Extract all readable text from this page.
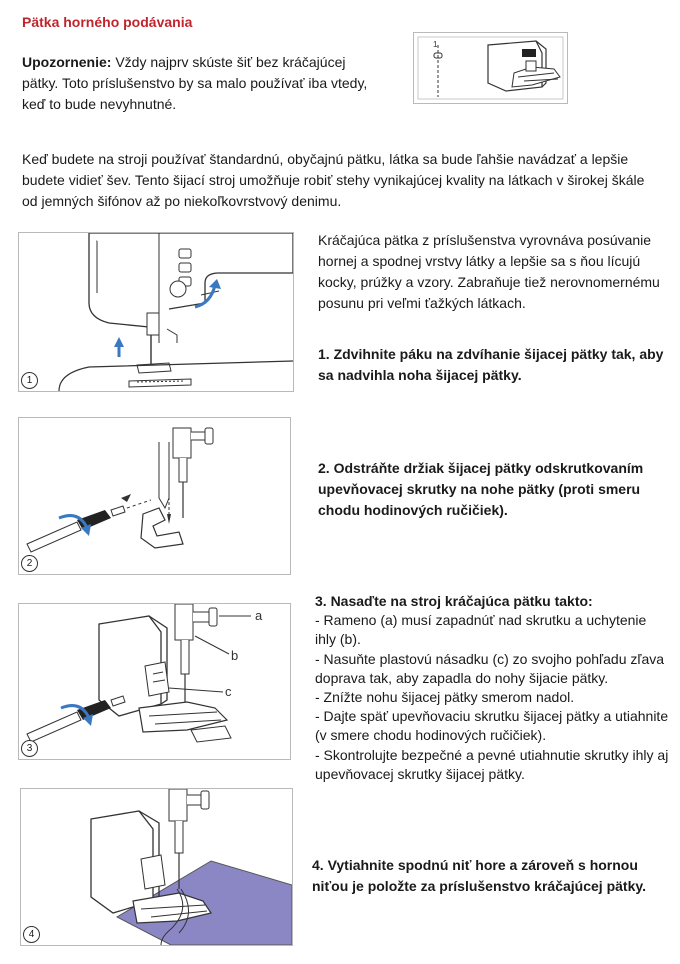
Pätka horného podávania
Upozornenie: Vždy najprv skúste šiť bez kráčajúcej pätky. Toto príslušenstvo by sa malo používať iba vtedy, keď to bude nevyhnutné.
1
Keď budete na stroji používať štandardnú, obyčajnú pätku, látka sa bude ľahšie navádzať a lepšie budete vidieť šev. Tento šijací stroj umožňuje robiť stehy vynikajúcej kvality na látkach v širokej škále od jemných šifónov až po niekoľkovrstvový denimu.
1
Kráčajúca pätka z príslušenstva vyrovnáva posúvanie hornej a spodnej vrstvy látky a lepšie sa s ňou lícujú kocky, prúžky a vzory. Zabraňuje tiež nerovnomernému posunu pri veľmi ťažkých látkach.
1. Zdvihnite páku na zdvíhanie šijacej pätky tak, aby sa nadvihla noha šijacej pätky.
2
2. Odstráňte držiak šijacej pätky odskrutkovaním upevňovacej skrutky na nohe pätky (proti smeru chodu hodinových ručičiek).
a
b
c
3
3. Nasaďte na stroj kráčajúca pätku takto:
- Rameno (a) musí zapadnúť nad skrutku a uchytenie ihly (b).
- Nasuňte plastovú násadku (c) zo svojho pohľadu zľava doprava tak, aby zapadla do nohy šijacie pätky.
- Znížte nohu šijacej pätky smerom nadol.
- Dajte späť upevňovaciu skrutku šijacej pätky a utiahnite (v smere chodu hodinových ručičiek).
- Skontrolujte bezpečné a pevné utiahnutie skrutky ihly aj upevňovacej skrutky šijacej pätky.
4
4. Vytiahnite spodnú niť hore a zároveň s hornou niťou je položte za príslušenstvo kráčajúcej pätky.
